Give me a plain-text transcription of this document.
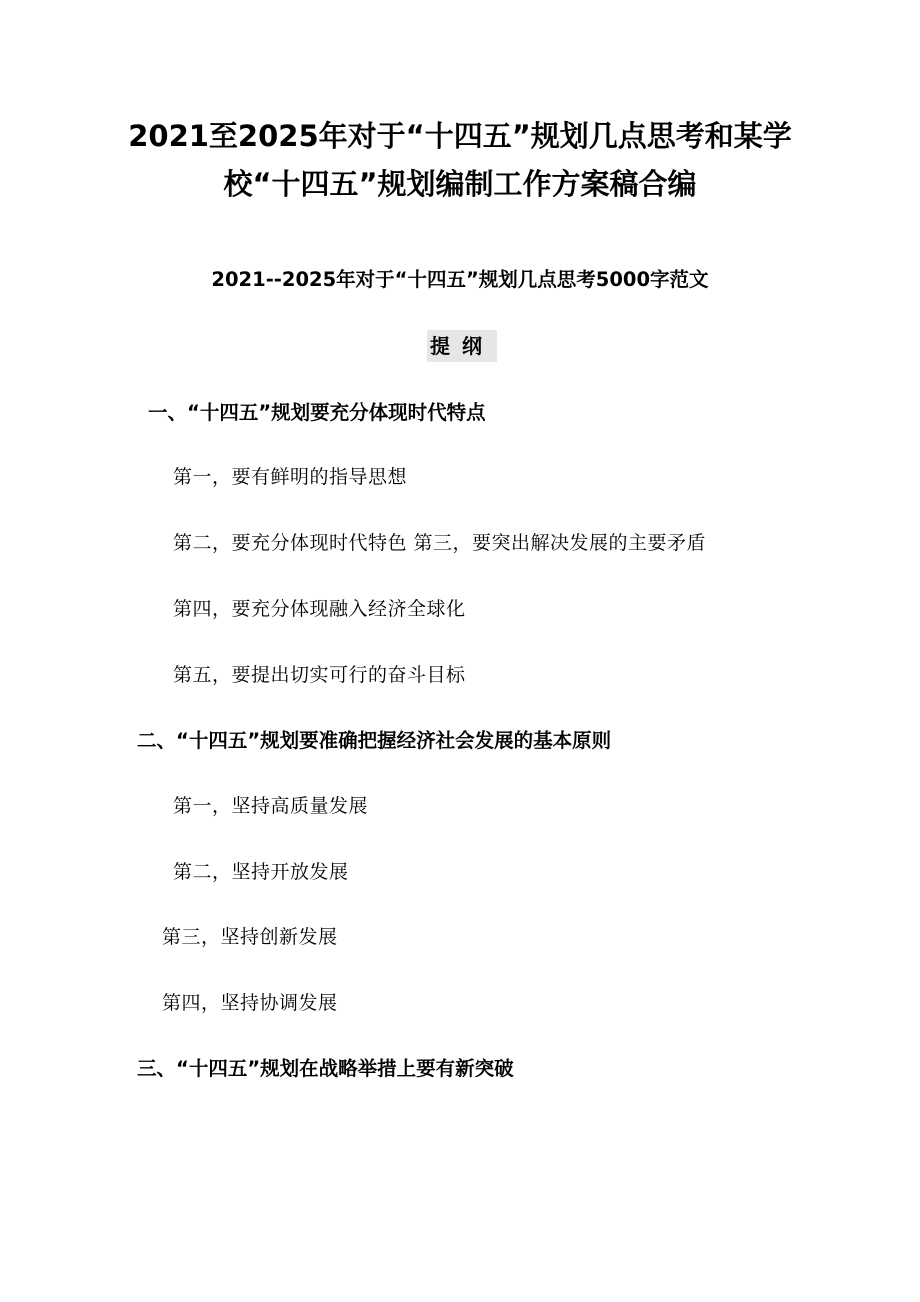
2021至2025年对于“十四五”规划几点思考和某学
校“十四五”规划编制工作方案稿合编
2021--2025年对于“十四五”规划几点思考5000字范文
提纲

一、“十四五”规划要充分体现时代特点

第一，要有鲜明的指导思想

第二，要充分体现时代特色 第三，要突出解决发展的主要矛盾

第四，要充分体现融入经济全球化

第五，要提出切实可行的奋斗目标

二、“十四五”规划要准确把握经济社会发展的基本原则

第一，坚持高质量发展

第二，坚持开放发展

第三，坚持创新发展

第四，坚持协调发展

三、“十四五”规划在战略举措上要有新突破
